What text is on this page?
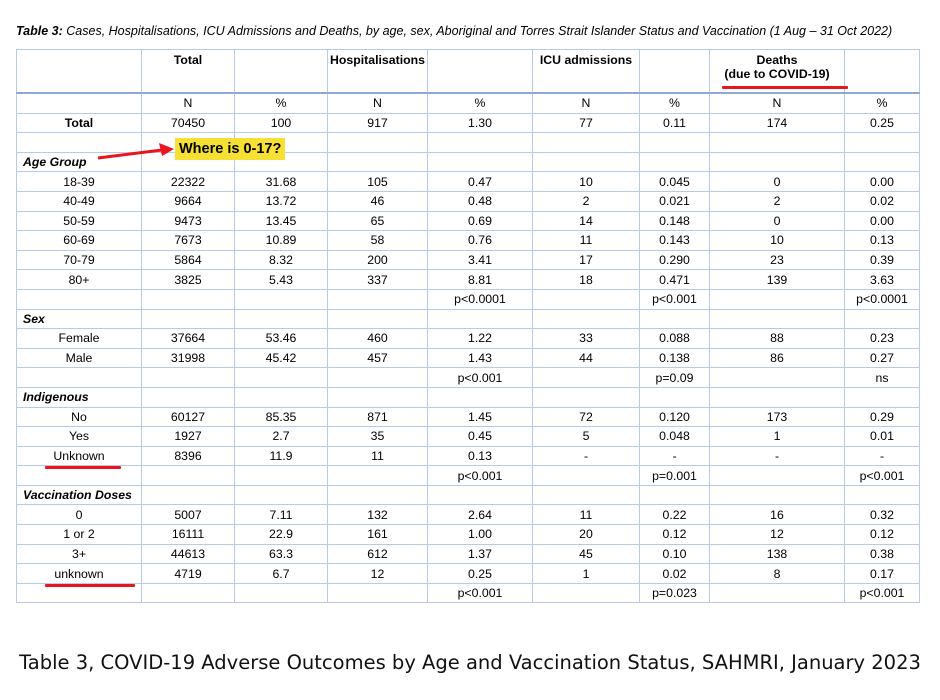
Table 3: Cases, Hospitalisations, ICU Admissions and Deaths, by age, sex, Aboriginal and Torres Strait Islander Status and Vaccination (1 Aug – 31 Oct 2022)
	Total		Hospitalisations		ICU admissions		Deaths
(due to COVID-19)	

	N	%	N	%	N	%	N	%
Total	70450	100	917	1.30	77	0.11	174	0.25

Age Group								
18-39	22322	31.68	105	0.47	10	0.045	0	0.00
40-49	9664	13.72	46	0.48	2	0.021	2	0.02
50-59	9473	13.45	65	0.69	14	0.148	0	0.00
60-69	7673	10.89	58	0.76	11	0.143	10	0.13
70-79	5864	8.32	200	3.41	17	0.290	23	0.39
80+	3825	5.43	337	8.81	18	0.471	139	3.63
				p<0.0001		p<0.001		p<0.0001
Sex								
Female	37664	53.46	460	1.22	33	0.088	88	0.23
Male	31998	45.42	457	1.43	44	0.138	86	0.27
				p<0.001		p=0.09		ns
Indigenous								
No	60127	85.35	871	1.45	72	0.120	173	0.29
Yes	1927	2.7	35	0.45	5	0.048	1	0.01
Unknown	8396	11.9	11	0.13	-	-	-	-
				p<0.001		p=0.001		p<0.001
Vaccination Doses								
0	5007	7.11	132	2.64	11	0.22	16	0.32
1 or 2	16111	22.9	161	1.00	20	0.12	12	0.12
3+	44613	63.3	612	1.37	45	0.10	138	0.38
unknown	4719	6.7	12	0.25	1	0.02	8	0.17
				p<0.001		p=0.023		p<0.001
Where is 0-17?
Table 3, COVID-19 Adverse Outcomes by Age and Vaccination Status, SAHMRI, January 2023
